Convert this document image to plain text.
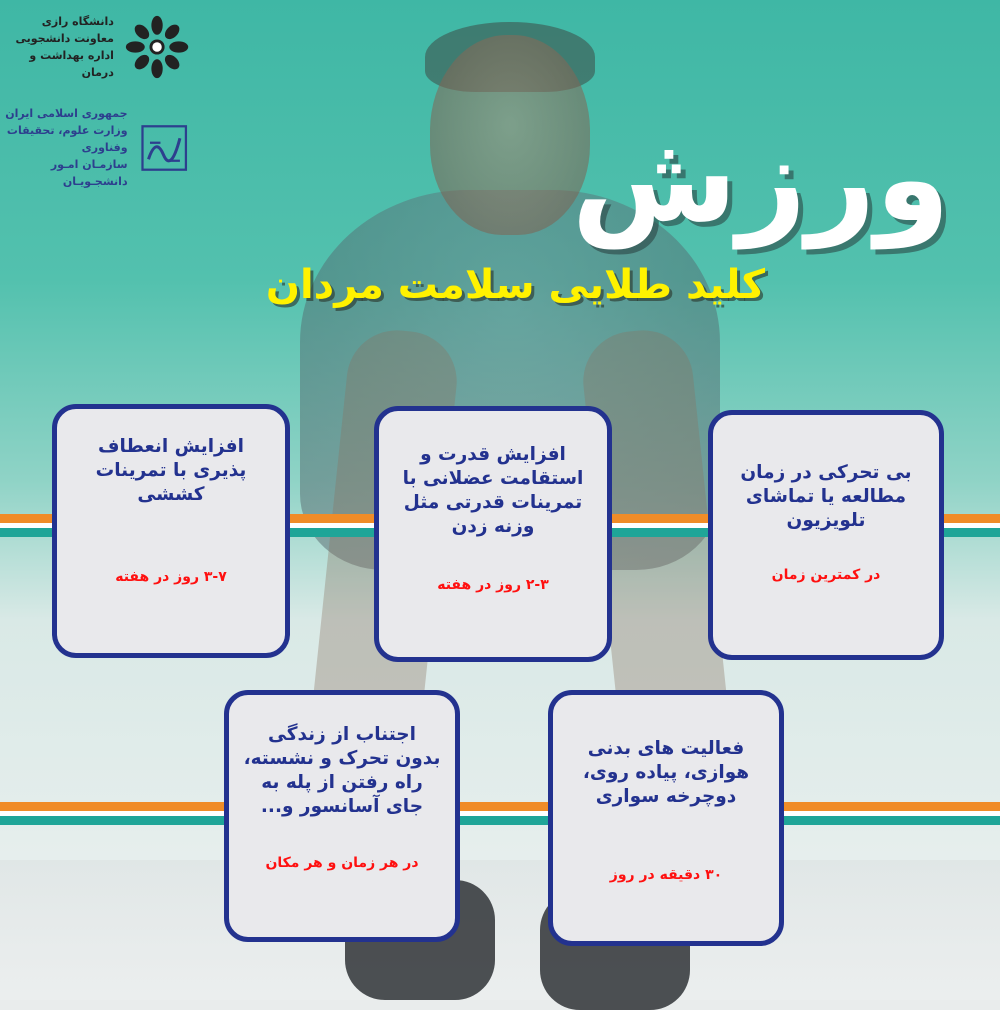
دانشگاه رازی
معاونت دانشجویی
اداره بهداشت و درمان
جمهوری اسلامی ایران
وزارت علوم، تحقیقات وفناوری
سازمـان امـور دانشجـویـان	ورزش
کلید طلایی سلامت مردان
بی تحرکی در زمان مطالعه یا تماشای تلویزیون
در کمترین زمان
افزایش قدرت و استقامت عضلانی با تمرینات قدرتی مثل وزنه زدن
۲-۳ روز در هفته
افزایش انعطاف پذیری با تمرینات کششی
۳-۷ روز در هفته
اجتناب از زندگی بدون تحرک و نشسته، راه رفتن از پله به جای آسانسور و...
در هر زمان و هر مکان
فعالیت های بدنی هوازی، پیاده روی، دوچرخه سواری
۳۰ دقیقه در روز
